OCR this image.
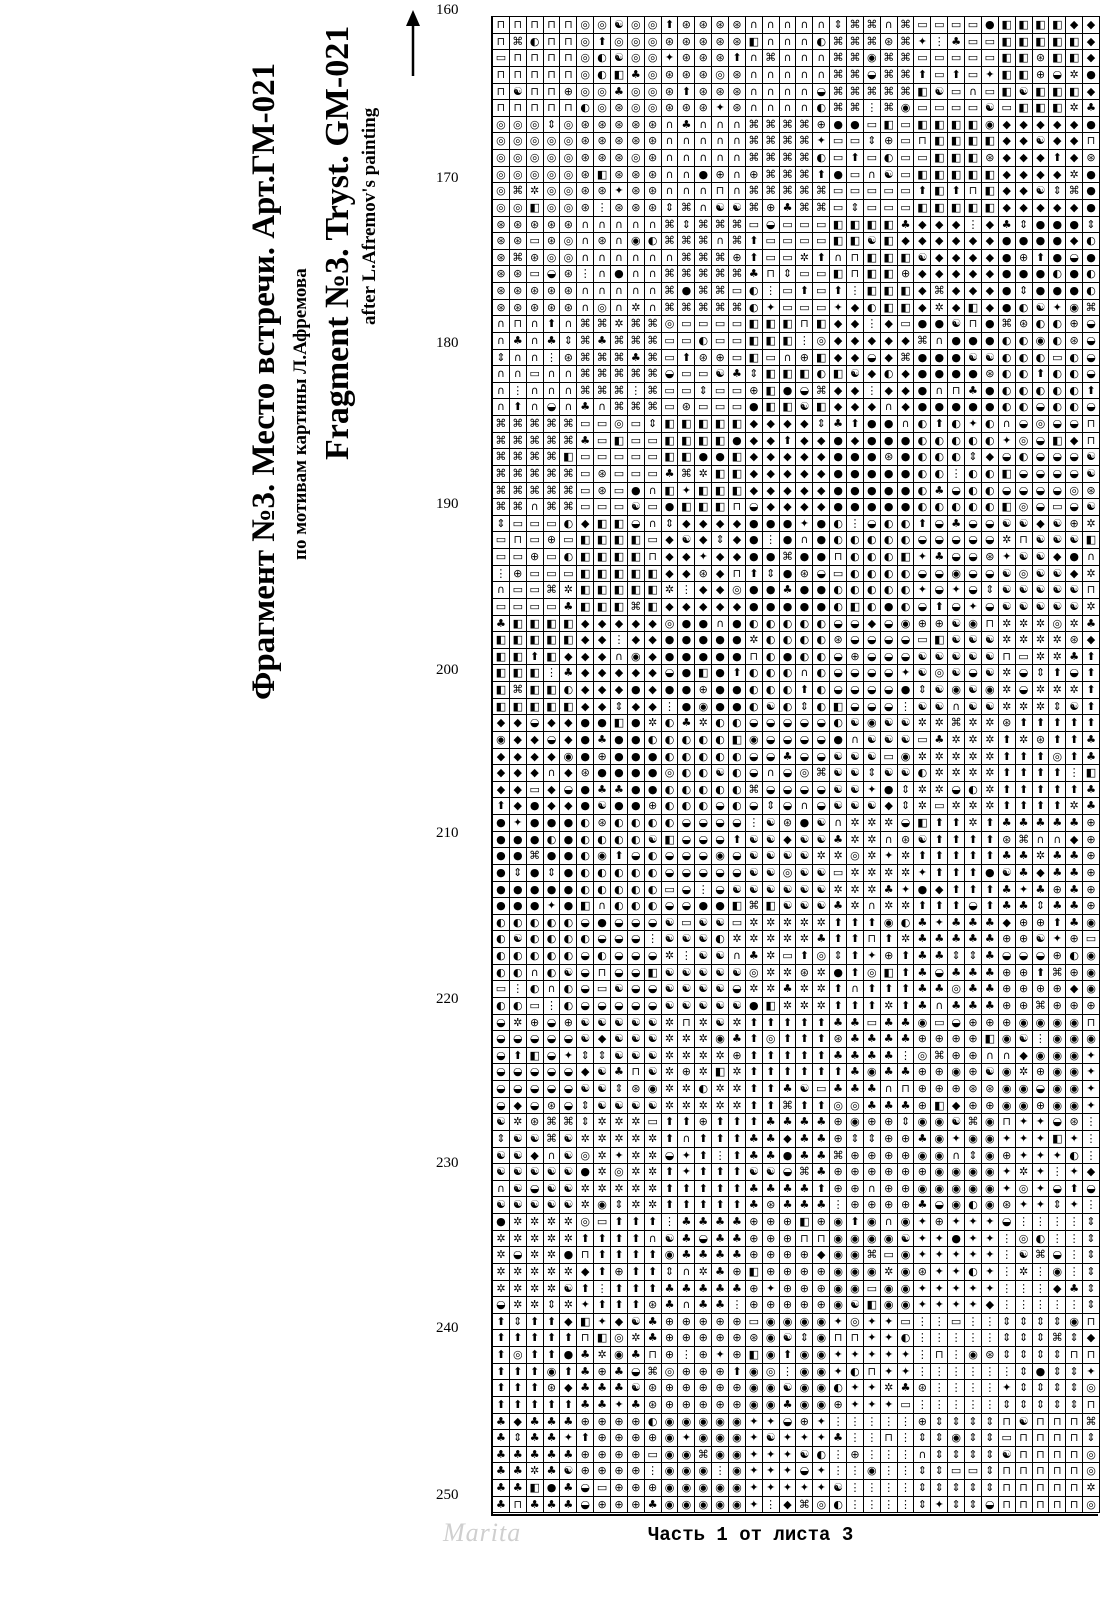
Фрагмент №3. Место встречи. Арт.ГМ-021 по мотивам картины Л.Афремова Fragment №3. Tryst. GM-021 after L.Afremov's painting
160
170
180
190
200
210
220
230
240
250
⊓ ⊓ ⊓ ⊓ ⊓ ◎ ◎ ☯ ◎ ◎ ⬆ ⊛ ⊛ ⊛ ⊛ ∩ ∩ ∩ ∩ ∩ ⇕ ⌘ ⌘ ∩ ⌘ ▭ ▭ ▭ ▭ ● ◧ ◧ ◧ ◧ ◆ ◆
⊓ ⌘ ◐ ⊓ ⊓ ◎ ⬆ ◎ ◎ ◎ ⊛ ⊛ ⊛ ⊛ ⊛ ◧ ∩ ∩ ∩ ◐ ⌘ ⌘ ⌘ ⊛ ⌘ ✦ ⋮ ♣ ▭ ▭ ◧ ◧ ◧ ◧ ◧ ◆
▭ ⊓ ⊓ ⊓ ⊓ ◎ ◐ ☯ ◎ ◎ ✦ ⊛ ⊛ ⊛ ⬆ ∩ ⌘ ∩ ∩ ∩ ⌘ ⌘ ◉ ⌘ ⌘ ▭ ▭ ▭ ▭ ▭ ◧ ◧ ⊛ ◧ ◧ ◆
⊓ ⊓ ⊓ ⊓ ⊓ ◎ ◐ ◧ ♣ ◎ ⊛ ⊛ ⊛ ◎ ⊛ ∩ ∩ ∩ ∩ ∩ ⌘ ⌘ ◒ ⌘ ⌘ ⬆ ▭ ⬆ ▭ ✦ ◧ ◧ ⊕ ◒ ✲ ●
⊓ ☯ ⊓ ⊓ ⊕ ◎ ◎ ♣ ◎ ◎ ⊛ ⬆ ⊛ ⊛ ⊛ ∩ ∩ ∩ ∩ ◒ ⌘ ⌘ ⌘ ⌘ ⌘ ◧ ☯ ▭ ∩ ▭ ◧ ☯ ◧ ◧ ◧ ◆
⊓ ⊓ ⊓ ⊓ ⊓ ◐ ◎ ⊛ ◎ ◎ ⊛ ⊛ ⊛ ✦ ⊛ ∩ ∩ ∩ ∩ ◐ ⌘ ⌘ ⋮ ⌘ ◉ ▭ ▭ ▭ ▭ ☯ ▭ ◧ ◧ ◧ ✲ ♣
◎ ◎ ◎ ⇕ ◎ ⊛ ⊛ ⊛ ⊛ ⊛ ∩ ♣ ∩ ∩ ∩ ⌘ ⌘ ⌘ ⌘ ⊕ ● ● ▭ ◧ ▭ ◧ ◧ ◧ ◧ ◉ ◆ ◆ ◆ ◆ ◆ ●
◎ ◎ ◎ ◎ ◎ ⊛ ⊛ ⊛ ⊛ ⊛ ∩ ∩ ∩ ∩ ∩ ⌘ ⌘ ⌘ ⌘ ✦ ▭ ▭ ⇕ ⊕ ▭ ⊓ ◧ ◧ ◧ ◧ ◆ ◆ ☯ ◆ ◆ ⊓
◎ ◎ ◎ ◎ ◎ ⊛ ⊛ ⊛ ◎ ⊛ ∩ ∩ ∩ ∩ ∩ ⌘ ⌘ ⌘ ⌘ ◐ ▭ ⬆ ▭ ◐ ▭ ▭ ◧ ◧ ◧ ⊛ ◆ ◆ ◆ ⬆ ◆ ⊛
◎ ◎ ◎ ◎ ◎ ⊛ ◧ ⊛ ⊛ ⊛ ∩ ∩ ● ⊕ ∩ ⊕ ⌘ ⌘ ⌘ ⬆ ● ▭ ∩ ☯ ▭ ◧ ◧ ◧ ◧ ◧ ◆ ◆ ◆ ◆ ✲ ●
◎ ⌘ ✲ ◎ ◎ ⊛ ⊛ ✦ ⊛ ⊛ ∩ ∩ ∩ ⊓ ∩ ⌘ ⌘ ⌘ ⌘ ⌘ ▭ ▭ ▭ ▭ ▭ ⬆ ◧ ⬆ ⊓ ◧ ◆ ◆ ☯ ⇕ ⌘ ●
◎ ◎ ◧ ◎ ◎ ⊛ ⋮ ⊛ ⊛ ⊛ ⇕ ⌘ ∩ ☯ ☯ ⌘ ⊕ ♣ ⌘ ⌘ ▭ ⇕ ▭ ▭ ▭ ◧ ◧ ◧ ◧ ◧ ◆ ◆ ◆ ◆ ◆ ●
⊛ ⊛ ⊛ ⊛ ⊛ ∩ ∩ ∩ ∩ ∩ ⌘ ⇕ ⌘ ⌘ ⌘ ▭ ◒ ▭ ▭ ▭ ◧ ◧ ◧ ◧ ♣ ◆ ◆ ◆ ⋮ ◆ ♣ ⇕ ● ● ● ⇕
⊛ ⊛ ▭ ⊛ ◎ ∩ ⊛ ∩ ◉ ◐ ⌘ ⌘ ⌘ ∩ ⌘ ⬆ ▭ ▭ ▭ ▭ ◧ ◧ ☯ ◧ ◆ ◆ ◆ ◆ ◆ ◆ ● ● ● ● ◆ ◐
⊛ ⌘ ⊛ ◎ ◎ ∩ ∩ ∩ ∩ ∩ ∩ ⌘ ⌘ ⌘ ⊕ ⬆ ▭ ▭ ✲ ⬆ ∩ ⊓ ◧ ◧ ◧ ☯ ◆ ◆ ◆ ◆ ● ⊕ ⬆ ● ◒ ●
⊛ ⊛ ▭ ◒ ⊛ ⋮ ∩ ● ∩ ∩ ⌘ ⌘ ⌘ ⌘ ⌘ ♣ ⊓ ⇕ ▭ ▭ ◧ ⊓ ◧ ◧ ⊕ ◆ ◆ ◆ ◆ ◆ ● ● ● ◐ ● ◐
⊛ ⊛ ⊛ ⊛ ⊛ ∩ ∩ ∩ ∩ ∩ ⌘ ● ⌘ ⌘ ▭ ◐ ⋮ ▭ ⬆ ▭ ⬆ ⋮ ◧ ◧ ◧ ◆ ⌘ ◆ ◆ ◆ ● ⇕ ● ● ● ◐
⊛ ⊛ ⊛ ⊛ ⊛ ∩ ◎ ∩ ✲ ∩ ⌘ ⌘ ⌘ ⌘ ⌘ ◐ ✦ ▭ ▭ ▭ ✦ ◆ ◐ ◧ ◧ ◆ ✲ ◆ ◧ ◆ ● ◐ ☯ ✦ ◉ ⌘
∩ ⊓ ∩ ⬆ ∩ ⌘ ⌘ ✲ ⌘ ⌘ ◎ ▭ ▭ ▭ ▭ ◧ ◧ ◧ ⊓ ◧ ◆ ◆ ⋮ ◆ ▭ ● ● ☯ ⊓ ● ⌘ ⊛ ◐ ◐ ⊕ ◒
∩ ♣ ∩ ♣ ⇕ ⌘ ♣ ⌘ ⌘ ⌘ ▭ ▭ ◐ ▭ ▭ ◧ ◧ ◧ ⋮ ◎ ◆ ◆ ◆ ◆ ◆ ⌘ ∩ ● ● ● ◐ ◐ ◉ ◐ ⊛ ◒
⇕ ∩ ∩ ⋮ ⊛ ⌘ ⌘ ⌘ ♣ ⌘ ▭ ⬆ ⊛ ⊕ ▭ ◧ ▭ ∩ ⊕ ◧ ◆ ◆ ◒ ◆ ⌘ ● ● ● ☯ ☯ ◐ ◐ ◐ ▭ ◐ ◒
∩ ∩ ▭ ∩ ∩ ⌘ ⌘ ⌘ ⌘ ⌘ ◒ ▭ ▭ ☯ ♣ ⇕ ◧ ◧ ◧ ◐ ◧ ☯ ◆ ◐ ◆ ● ● ● ● ⊛ ◐ ◐ ⬆ ◐ ◐ ◒
∩ ⋮ ∩ ∩ ∩ ⌘ ⌘ ⌘ ⋮ ⌘ ▭ ▭ ⇕ ▭ ▭ ⊕ ◧ ● ◒ ⌘ ◆ ◆ ⋮ ◆ ◆ ● ∩ ⊓ ♣ ● ◐ ◐ ◐ ◐ ◐ ⬆
∩ ⬆ ∩ ◒ ∩ ♣ ∩ ⌘ ⌘ ⌘ ▭ ⊛ ▭ ▭ ▭ ● ◧ ◧ ☯ ◧ ◆ ◆ ◆ ∩ ◆ ● ● ● ● ● ◐ ◐ ◒ ◐ ◐ ◒
⌘ ⌘ ⌘ ⌘ ⌘ ▭ ▭ ◎ ▭ ⇕ ◧ ◧ ◧ ◧ ◧ ◆ ◆ ◆ ◆ ⇕ ♣ ⬆ ● ● ∩ ◐ ⬆ ◐ ✦ ◐ ∩ ◒ ◎ ◒ ◒ ⊓
⌘ ⌘ ⌘ ⌘ ⌘ ♣ ▭ ◧ ▭ ▭ ◧ ◧ ◧ ◧ ● ◆ ◆ ⬆ ◆ ◆ ● ◆ ● ● ● ◐ ◐ ◐ ◐ ◐ ✦ ◎ ◒ ◧ ◆ ⊓
⌘ ⌘ ⌘ ⌘ ◧ ▭ ▭ ▭ ▭ ▭ ◧ ◧ ● ● ◧ ◆ ◆ ◆ ◆ ◆ ● ● ● ⊛ ● ◐ ◐ ◐ ⇕ ◆ ◒ ◐ ◒ ◒ ◒ ☯
⌘ ⌘ ⌘ ⌘ ⌘ ▭ ⊛ ▭ ▭ ▭ ♣ ⌘ ✲ ◧ ◧ ◆ ◆ ◆ ◆ ◆ ● ● ● ● ● ◐ ◐ ⋮ ◐ ◐ ◧ ◒ ◒ ◒ ◒ ☯
⌘ ⌘ ⌘ ⌘ ⌘ ▭ ⊛ ▭ ● ∩ ◧ ✦ ◧ ◧ ◧ ◆ ◆ ◆ ◆ ◆ ● ● ● ● ● ◐ ♣ ◒ ◐ ◐ ◒ ◒ ◒ ◒ ◎ ⊛
⌘ ⌘ ∩ ⌘ ⌘ ▭ ▭ ▭ ☯ ▭ ● ◧ ◧ ◧ ⊓ ◒ ◆ ◆ ◆ ◆ ● ● ● ● ● ◐ ◐ ◐ ◐ ◐ ◧ ◎ ◒ ▭ ◒ ☯
⇕ ▭ ▭ ▭ ◐ ◆ ◧ ◧ ◒ ∩ ⇕ ◆ ◆ ◆ ◆ ● ● ● ✦ ● ◐ ⋮ ◒ ◐ ◐ ⬆ ◒ ♣ ◒ ◒ ☯ ☯ ◆ ☯ ⊕ ✲
▭ ⊓ ▭ ⊕ ▭ ◧ ◧ ◧ ◧ ▭ ◆ ☯ ◆ ⇕ ◆ ● ⋮ ● ∩ ● ◐ ◐ ◐ ◐ ◐ ◒ ◒ ◒ ◒ ◒ ✲ ⊓ ☯ ☯ ☯ ◧
▭ ▭ ⊕ ▭ ◐ ◧ ◧ ◧ ◧ ⊓ ◆ ◆ ✦ ◆ ◆ ● ● ⌘ ● ● ⊓ ◐ ◐ ◐ ◧ ✦ ♣ ◒ ◒ ⊛ ✦ ☯ ☯ ◆ ● ∩
⋮ ⊕ ▭ ▭ ▭ ◧ ◧ ◧ ◧ ◧ ◆ ◆ ⊛ ◆ ⊓ ⬆ ⇕ ● ⊛ ◒ ▭ ◐ ◐ ◐ ◐ ◒ ◒ ◉ ◒ ◒ ☯ ◎ ☯ ☯ ◆ ✲
∩ ▭ ▭ ⌘ ✲ ◧ ◧ ◧ ◧ ◧ ✲ ⋮ ◆ ◆ ◎ ● ● ♣ ● ● ◐ ◐ ◐ ◐ ◐ ✦ ◒ ✦ ◒ ⇕ ☯ ☯ ☯ ☯ ☯ ⊓
▭ ▭ ▭ ▭ ♣ ◧ ◧ ◧ ⌘ ◧ ◆ ◆ ◆ ◆ ◆ ● ● ● ● ● ◐ ◧ ◐ ● ◐ ◒ ⬆ ◒ ✦ ◒ ☯ ☯ ☯ ☯ ☯ ✲
♣ ◧ ◧ ◧ ◧ ◆ ◆ ◆ ◆ ◆ ◎ ● ● ∩ ● ◐ ◐ ◐ ◐ ◐ ◒ ◒ ◆ ◒ ◉ ⊕ ⊕ ☯ ◉ ⊓ ✲ ✲ ✲ ◎ ✲ ♣
◧ ◧ ◧ ◧ ◧ ◆ ◆ ⋮ ◆ ◆ ● ● ● ● ● ✲ ◐ ◐ ◐ ◐ ⊛ ◒ ◒ ◒ ◒ ▭ ◧ ☯ ☯ ☯ ✲ ✲ ✲ ✲ ⊛ ◆
◧ ◧ ⬆ ◧ ◆ ◆ ◆ ∩ ◉ ◆ ● ● ● ● ● ⊓ ◐ ● ◐ ◐ ◒ ⊕ ◒ ◒ ◒ ☯ ☯ ☯ ☯ ☯ ⊓ ▭ ✲ ✲ ♣ ⬆
◧ ◧ ◧ ⋮ ♣ ◆ ◆ ◆ ◆ ◆ ◒ ● ◧ ● ⬆ ◐ ◐ ◐ ∩ ◐ ◒ ◒ ◒ ◒ ✦ ☯ ◎ ☯ ◒ ☯ ✲ ◒ ⇕ ⬆ ◒ ⬆
◧ ⌘ ◧ ◧ ◐ ◆ ◆ ◆ ● ◆ ● ● ⊕ ● ● ◐ ◐ ◐ ⬆ ◐ ◒ ◒ ◒ ◒ ● ⇕ ☯ ◉ ☯ ◉ ✲ ◒ ✲ ✲ ✲ ⬆
◧ ◧ ◧ ◧ ◧ ◆ ◆ ⇕ ◆ ◆ ⋮ ● ◉ ● ● ◐ ☯ ◐ ⇕ ◐ ◧ ◒ ◒ ◒ ⋮ ☯ ☯ ∩ ☯ ☯ ✲ ✲ ✲ ⇕ ☯ ⬆
◆ ◆ ◒ ◆ ◆ ● ● ◧ ● ✲ ◐ ♣ ✲ ◐ ◐ ◒ ◒ ◒ ◒ ◒ ◐ ☯ ◉ ☯ ☯ ✲ ✲ ⌘ ✲ ✲ ⊛ ⬆ ⬆ ⬆ ⬆ ⬆
◉ ◆ ◆ ◒ ◆ ● ♣ ● ● ◐ ◐ ◐ ◐ ◐ ◧ ◉ ◒ ◒ ◒ ◒ ● ∩ ☯ ☯ ☯ ▭ ♣ ✲ ✲ ✲ ⬆ ✲ ⊛ ⬆ ⬆ ♣
◆ ◆ ◆ ◆ ◉ ● ⊕ ● ● ● ◐ ◐ ◐ ◐ ◐ ◒ ◒ ♣ ◒ ◒ ☯ ☯ ☯ ▭ ◉ ✲ ✲ ✲ ✲ ✲ ⬆ ⬆ ⬆ ◎ ⬆ ♣
◆ ◆ ◆ ∩ ◆ ⊛ ● ● ● ● ◎ ◐ ◐ ☯ ◐ ◒ ∩ ◒ ◎ ⌘ ☯ ☯ ⇕ ☯ ☯ ◐ ✲ ✲ ✲ ✲ ⬆ ⬆ ⬆ ⬆ ⋮ ◧
◆ ◆ ▭ ◆ ◒ ● ♣ ♣ ● ● ◐ ◐ ◐ ◐ ◐ ⌘ ◒ ◒ ◒ ◒ ☯ ☯ ✦ ● ⇕ ✲ ✲ ◒ ◐ ✲ ⬆ ⬆ ⬆ ⬆ ⬆ ♣
⬆ ◆ ● ◆ ◆ ● ☯ ● ● ⊕ ◐ ◐ ◐ ◒ ◐ ◒ ⇕ ◒ ∩ ◒ ☯ ☯ ☯ ◆ ⇕ ✲ ▭ ✲ ✲ ✲ ⬆ ⬆ ⬆ ⬆ ✲ ♣
● ✦ ● ● ● ◐ ⊛ ◐ ◐ ◐ ◐ ◒ ◒ ◒ ◒ ⋮ ☯ ⊛ ● ☯ ∩ ✲ ✲ ✲ ◒ ◧ ⬆ ⬆ ✲ ⬆ ♣ ♣ ♣ ♣ ♣ ⊕
● ● ● ◐ ● ◐ ◐ ◐ ◐ ☯ ◧ ◒ ◒ ◒ ⬆ ☯ ☯ ◆ ☯ ☯ ♣ ✲ ✲ ∩ ⊛ ☯ ⬆ ⬆ ⬆ ⬆ ⊛ ⌘ ∩ ∩ ◆ ⊕
● ● ⌘ ● ● ◐ ◉ ⬆ ◒ ◐ ◒ ◒ ◒ ◉ ◒ ☯ ☯ ☯ ☯ ✲ ✲ ◎ ✲ ✦ ✲ ⬆ ⬆ ⬆ ⬆ ⬆ ♣ ♣ ✲ ♣ ♣ ⊕
● ⇕ ● ⇕ ● ◐ ◐ ◐ ◐ ◐ ◒ ◒ ◒ ◒ ◒ ☯ ☯ ◎ ☯ ☯ ▭ ✲ ✲ ✲ ✲ ✦ ⬆ ⬆ ⬆ ● ☯ ♣ ◆ ♣ ♣ ⊕
● ● ● ● ● ◐ ◐ ◐ ◐ ◐ ▭ ◒ ⋮ ◒ ☯ ☯ ☯ ☯ ☯ ☯ ✲ ✲ ✲ ♣ ✦ ● ◆ ⬆ ⬆ ⬆ ♣ ✦ ♣ ⊕ ♣ ⊕
● ● ● ✦ ● ◧ ∩ ◐ ◐ ◐ ◒ ◒ ● ● ◧ ⌘ ◧ ☯ ☯ ☯ ♣ ✲ ∩ ✲ ✲ ⬆ ⬆ ⬆ ◒ ⬆ ♣ ♣ ⇕ ♣ ♣ ⊕
◐ ◐ ◐ ◐ ◐ ◒ ● ◒ ◒ ◒ ☯ ▭ ☯ ☯ ▭ ✲ ✲ ✲ ✲ ✲ ⬆ ⬆ ⬆ ◉ ◐ ♣ ✦ ♣ ♣ ♣ ◆ ⊕ ⊕ ⬆ ♣ ◉
◐ ☯ ◐ ◐ ◐ ◐ ◒ ◒ ◒ ⋮ ☯ ☯ ☯ ◐ ✲ ✲ ✲ ✲ ✲ ♣ ⬆ ⬆ ⊓ ⬆ ✲ ♣ ♣ ♣ ♣ ♣ ⊕ ⊕ ☯ ✦ ⊕ ▭
◐ ◐ ◐ ◐ ◐ ◒ ◐ ◒ ◒ ◒ ✲ ⋮ ☯ ☯ ∩ ♣ ✲ ▭ ⬆ ◎ ⇕ ⬆ ✦ ⊕ ⬆ ♣ ♣ ⇕ ⇕ ♣ ◒ ◒ ◒ ⊕ ◐ ◉
◐ ◐ ∩ ◐ ☯ ◒ ⊓ ◒ ◒ ◧ ☯ ☯ ☯ ☯ ☯ ◎ ✲ ✲ ⊛ ✲ ● ⬆ ◎ ◧ ⬆ ♣ ◒ ♣ ♣ ♣ ⊕ ⊕ ⬆ ⌘ ⊕ ◉
▭ ⋮ ◐ ∩ ◐ ◒ ▭ ☯ ◒ ◒ ☯ ☯ ☯ ☯ ◒ ✲ ✲ ♣ ✲ ✲ ⬆ ∩ ⬆ ⬆ ⬆ ♣ ♣ ◎ ♣ ♣ ⊕ ⊕ ⊕ ⊕ ◆ ◉
◐ ◐ ▭ ⋮ ◐ ◒ ◒ ◒ ◒ ◒ ☯ ☯ ☯ ☯ ☯ ● ◧ ✲ ✲ ✲ ⬆ ⬆ ⬆ ✲ ⬆ ♣ ∩ ♣ ♣ ♣ ⊕ ⊕ ⌘ ⊕ ⊕ ⊕
◒ ✲ ⊕ ◒ ⊕ ☯ ☯ ☯ ☯ ☯ ✲ ⊓ ✲ ☯ ✲ ⬆ ⬆ ⬆ ⬆ ⬆ ♣ ♣ ▭ ♣ ♣ ◉ ▭ ◒ ⊕ ⊕ ⊕ ◉ ◉ ◉ ◉ ⊓
◒ ◒ ◒ ◒ ◒ ☯ ◆ ☯ ☯ ☯ ✲ ✲ ✲ ◉ ♣ ⬆ ◎ ⬆ ⬆ ⬆ ⊛ ♣ ♣ ♣ ♣ ⊕ ⊕ ⊕ ⊕ ◧ ◉ ☯ ⋮ ◉ ◉ ◉
◒ ⬆ ◧ ◒ ✦ ⇕ ⇕ ☯ ☯ ☯ ✲ ✲ ✲ ✲ ⊕ ⬆ ⬆ ⬆ ⬆ ⬆ ♣ ♣ ♣ ♣ ⋮ ◎ ⌘ ⊕ ⊕ ∩ ∩ ◆ ◉ ◉ ◉ ✦
◒ ◒ ◒ ◒ ◒ ◆ ☯ ♣ ⊓ ☯ ✲ ⊕ ✲ ◧ ✲ ⬆ ⬆ ⬆ ⬆ ⬆ ⬆ ♣ ◉ ♣ ♣ ⊕ ⊕ ◉ ⊕ ☯ ◉ ✲ ⊕ ◉ ◉ ✦
◒ ◒ ◒ ◒ ◒ ☯ ☯ ⇕ ⊛ ◉ ✲ ✲ ◐ ✲ ✲ ⬆ ⬆ ♣ ☯ ▭ ♣ ♣ ♣ ∩ ⊓ ⊕ ⊕ ⊕ ⊛ ⊛ ◉ ◉ ◒ ◉ ◉ ✦
◒ ◆ ◒ ⊛ ◒ ⇕ ☯ ☯ ☯ ☯ ✲ ✲ ✲ ✲ ✲ ⬆ ⬆ ⌘ ⬆ ⬆ ◎ ◎ ♣ ♣ ♣ ⊕ ◧ ◆ ⊕ ⊕ ◉ ◉ ⊕ ◉ ◉ ✦
☯ ✲ ⊛ ⌘ ⌘ ⇕ ✲ ✲ ✲ ▭ ⬆ ⬆ ⊕ ⬆ ⬆ ⬆ ♣ ♣ ♣ ♣ ⊕ ◉ ⊕ ⊕ ⇕ ◉ ◉ ☯ ⌘ ◉ ⊓ ✦ ✦ ◒ ⊛ ⋮
⇕ ☯ ☯ ⌘ ☯ ✲ ✲ ✲ ✲ ✲ ⬆ ∩ ⬆ ⬆ ⬆ ♣ ♣ ◆ ♣ ♣ ⊕ ⇕ ⇕ ⊕ ⊕ ♣ ◉ ✦ ◉ ◉ ✦ ✦ ✦ ◧ ✦ ⋮
☯ ☯ ◆ ∩ ☯ ◎ ✲ ✦ ✲ ✲ ◒ ✦ ⬆ ⋮ ⬆ ♣ ♣ ● ♣ ♣ ⌘ ⊕ ⊕ ⊕ ⊕ ◉ ◉ ∩ ⇕ ◉ ⊕ ✦ ✦ ✦ ◐ ⋮
☯ ☯ ☯ ☯ ☯ ● ✲ ◎ ✲ ✲ ⬆ ✦ ⬆ ⬆ ⬆ ☯ ☯ ◒ ⌘ ♣ ⊕ ⊕ ⊕ ⊕ ⊕ ⊕ ◉ ◉ ◉ ◉ ✦ ✲ ✦ ⋮ ✦ ◆
∩ ☯ ◒ ☯ ☯ ✲ ✲ ✲ ✲ ✲ ⬆ ⬆ ⬆ ⬆ ⬆ ♣ ♣ ♣ ♣ ⬆ ⊕ ⊕ ∩ ⊕ ⊕ ◉ ◉ ◉ ◉ ◉ ✦ ◎ ✦ ◒ ⬆ ◒
☯ ☯ ☯ ☯ ☯ ✲ ◉ ⇕ ✲ ✲ ⬆ ⬆ ⬆ ⬆ ⬆ ♣ ⊛ ♣ ♣ ♣ ⋮ ⊕ ⊕ ⊕ ⊕ ♣ ◒ ◉ ◐ ◉ ⊛ ✦ ✦ ⇕ ✦ ⋮
● ✲ ✲ ✲ ✲ ◎ ▭ ⬆ ⬆ ⬆ ⋮ ♣ ♣ ♣ ♣ ⊕ ⊕ ⊕ ◧ ⊕ ◉ ⬆ ◉ ∩ ◉ ✦ ⊕ ✦ ✦ ✦ ◒ ⋮ ⋮ ⋮ ⋮ ⇕
✲ ✲ ✲ ✲ ✲ ⬆ ⬆ ⬆ ⬆ ∩ ☯ ♣ ◒ ♣ ♣ ⊕ ⊕ ⊕ ⊓ ⊓ ◉ ◉ ◉ ◉ ☯ ✦ ✦ ● ✦ ✦ ⋮ ◎ ◐ ⋮ ⋮ ⇕
✲ ◒ ✲ ✲ ● ⊓ ⬆ ⬆ ⬆ ⬆ ◉ ♣ ♣ ♣ ♣ ⊕ ⊕ ⊕ ⊕ ◆ ◉ ◉ ⌘ ▭ ◉ ✦ ✦ ✦ ✦ ✦ ⋮ ☯ ⌘ ◒ ⋮ ⇕
✲ ✲ ✲ ✲ ✲ ◆ ⬆ ⊕ ⬆ ⬆ ⇕ ∩ ✲ ♣ ⊕ ◧ ⊕ ⊕ ⊕ ⊕ ◉ ◉ ◉ ✲ ◉ ⊛ ✦ ✦ ◐ ✦ ⋮ ✲ ⋮ ◉ ⋮ ⇕
✲ ✲ ✲ ✲ ☯ ⬆ ⋮ ⬆ ⬆ ⬆ ♣ ♣ ♣ ♣ ♣ ⊕ ✦ ⊕ ⊕ ⊕ ◉ ◉ ▭ ◉ ◉ ✦ ✦ ✦ ✦ ✦ ⋮ ⋮ ⋮ ◆ ♣ ⇕
◒ ✲ ✲ ⇕ ✲ ✦ ⬆ ⬆ ⬆ ⊛ ♣ ∩ ♣ ♣ ⋮ ⊕ ⊕ ⊕ ⊕ ⊕ ◉ ☯ ◧ ◉ ◉ ✦ ✦ ✦ ✦ ◆ ⋮ ⋮ ⋮ ⋮ ⋮ ⇕
⬆ ⇕ ⬆ ⬆ ◆ ◧ ✦ ◆ ☯ ♣ ⊕ ⊕ ⊕ ⊕ ⊕ ▭ ◉ ◉ ◉ ◉ ✦ ◎ ✦ ✦ ▭ ⋮ ⋮ ▭ ⋮ ⋮ ⇕ ⇕ ⇕ ⇕ ◉ ⊓
⬆ ⬆ ⬆ ⬆ ⬆ ⊓ ◧ ◎ ✲ ♣ ⊕ ⊕ ⊕ ⊕ ⊕ ⊛ ◉ ☯ ⇕ ◉ ⊓ ⊓ ✦ ✦ ◐ ⋮ ⋮ ⋮ ⋮ ⋮ ⇕ ⇕ ⇕ ⌘ ⇕ ◆
⬆ ◎ ⬆ ⬆ ● ♣ ✲ ◉ ♣ ⊓ ⊕ ⋮ ⊕ ✦ ⊕ ◧ ◉ ⬆ ◉ ◉ ✦ ✦ ✦ ✦ ✦ ⋮ ⊓ ⋮ ◉ ⊛ ⇕ ⇕ ⇕ ⇕ ⊓ ⊓
⬆ ⬆ ⬆ ◉ ⬆ ♣ ⊕ ♣ ◒ ⌘ ◎ ⊕ ⊕ ⊕ ⬆ ◉ ◎ ⋮ ◉ ◉ ✦ ◐ ⊓ ✦ ✦ ⋮ ⋮ ⋮ ⋮ ⋮ ⋮ ⇕ ● ⇕ ⇕ ✦
⬆ ⬆ ⬆ ⊛ ◆ ♣ ♣ ♣ ☯ ⊛ ⊕ ⊕ ⊕ ⊕ ⊕ ◉ ◉ ☯ ◉ ◉ ◐ ✦ ✦ ✲ ♣ ⊛ ⋮ ⋮ ⋮ ⋮ ✦ ⇕ ⇕ ⇕ ⇕ ◎
⬆ ⬆ ⬆ ⬆ ⬆ ♣ ♣ ✦ ♣ ⊛ ⊕ ⊕ ⊕ ⊕ ⊕ ◉ ◉ ♣ ◉ ◉ ⊕ ✦ ✦ ✦ ▭ ⋮ ⋮ ⋮ ⋮ ⋮ ⇕ ⇕ ⇕ ⇕ ⇕ ⊓
♣ ◆ ♣ ♣ ♣ ⊕ ⊕ ⊕ ⊕ ◐ ◉ ◉ ◉ ◉ ◉ ✦ ✦ ◒ ⊕ ✦ ⋮ ⋮ ⋮ ⋮ ⋮ ⊕ ⇕ ⇕ ⇕ ⇕ ⊓ ☯ ⊓ ⊓ ⊓ ⌘
♣ ⇕ ♣ ♣ ✦ ⬆ ⊕ ⊕ ⊕ ⊕ ◉ ✦ ◉ ◉ ◉ ✦ ☯ ✦ ✦ ✦ ♣ ⋮ ⋮ ⊓ ⋮ ⇕ ⇕ ◉ ⇕ ⇕ ▭ ⊓ ⊓ ⊓ ⊓ ⇕
♣ ♣ ♣ ♣ ♣ ⊕ ⊕ ⊕ ⊕ ▭ ◉ ◉ ⌘ ◉ ◉ ✦ ✦ ✦ ☯ ◐ ⋮ ⊕ ⋮ ⋮ ⋮ ∩ ⇕ ⇕ ⇕ ⇕ ☯ ⊓ ⊓ ⊓ ⊓ ◎
♣ ♣ ✲ ♣ ☯ ⊕ ⊕ ⊕ ⊕ ⋮ ◉ ◉ ◉ ⋮ ◉ ✦ ✦ ✦ ◒ ✦ ⋮ ⋮ ◉ ⋮ ⋮ ⇕ ⇕ ▭ ▭ ⇕ ⊓ ⊓ ⊓ ⊓ ⊓ ◎
♣ ♣ ◧ ● ♣ ◒ ▭ ⊕ ⊕ ⊕ ◉ ◉ ◉ ◉ ◉ ✦ ✦ ✦ ✦ ✦ ☯ ⋮ ⋮ ⋮ ⋮ ⇕ ⇕ ⇕ ⇕ ⇕ ⊓ ⊓ ⊓ ⊓ ⊓ ✲
♣ ⊓ ♣ ♣ ♣ ◒ ⊕ ⊕ ⊕ ♣ ◉ ◉ ◉ ◉ ◉ ✦ ⋮ ◆ ⌘ ◎ ◐ ⋮ ⋮ ⋮ ⋮ ⇕ ✦ ⇕ ⇕ ◒ ⊓ ⊓ ⊓ ⊓ ⊓ ◎
Marita	Часть 1 от листа 3
